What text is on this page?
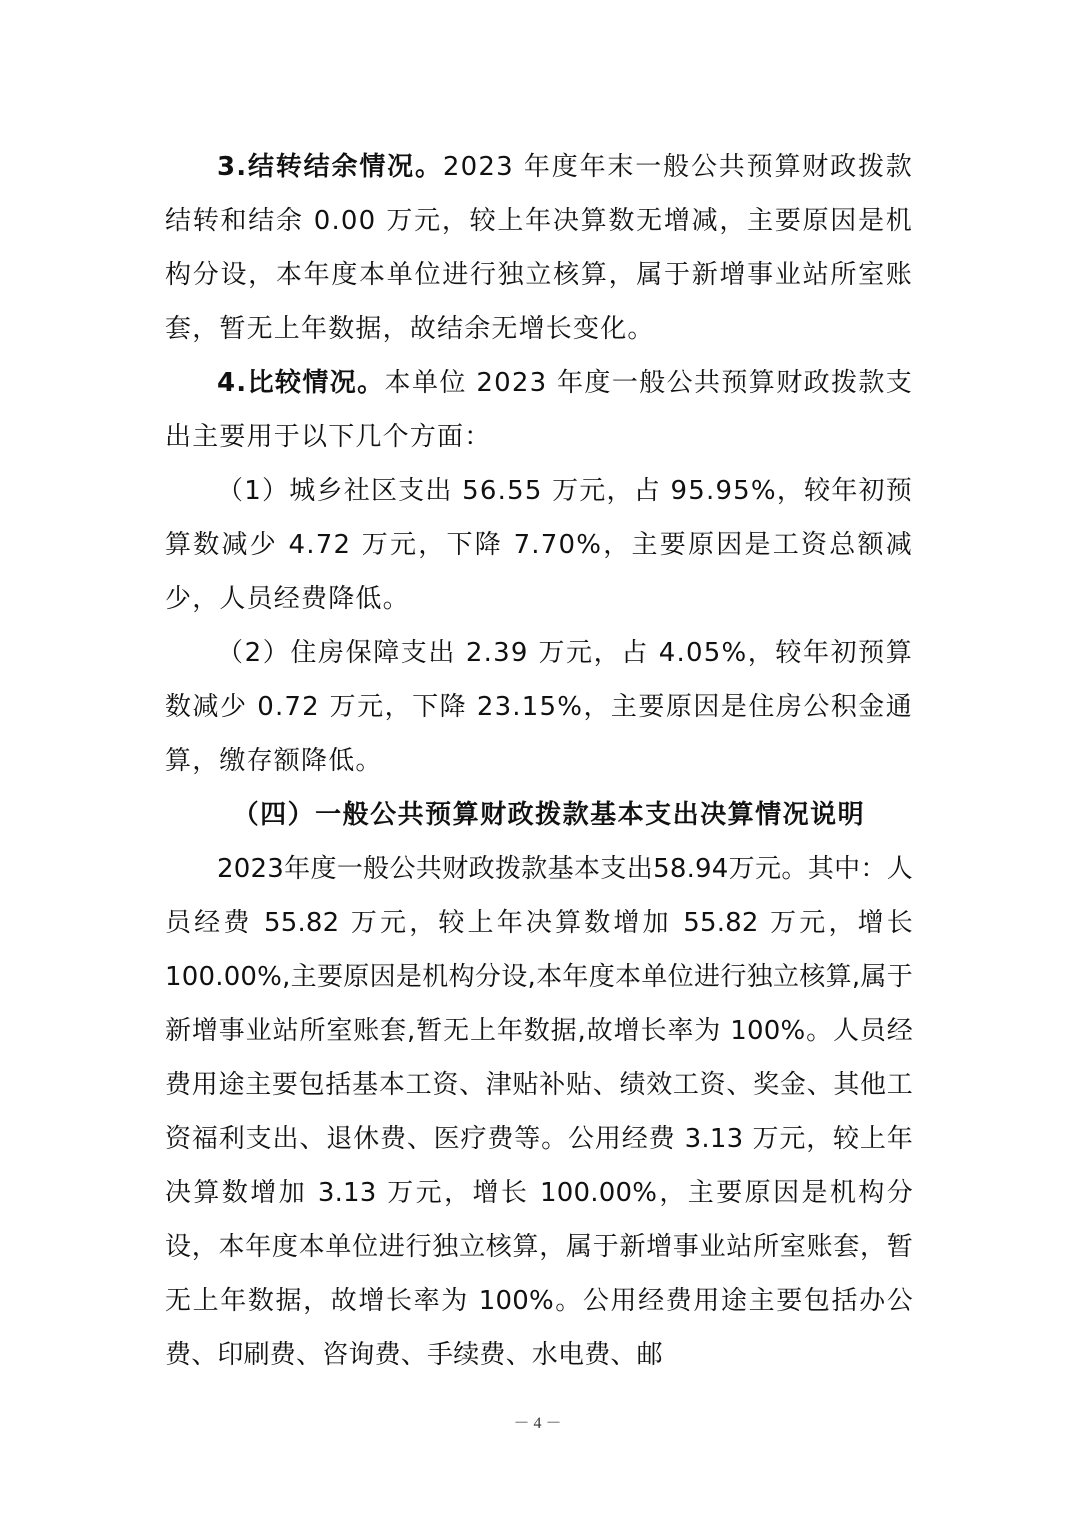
3.结转结余情况。2023 年度年末一般公共预算财政拨款结转和结余 0.00 万元，较上年决算数无增减，主要原因是机构分设，本年度本单位进行独立核算，属于新增事业站所室账套，暂无上年数据，故结余无增长变化。

4.比较情况。本单位 2023 年度一般公共预算财政拨款支出主要用于以下几个方面：

（1）城乡社区支出 56.55 万元，占 95.95%，较年初预算数减少 4.72 万元，下降 7.70%，主要原因是工资总额减少，人员经费降低。

（2）住房保障支出 2.39 万元，占 4.05%，较年初预算数减少 0.72 万元，下降 23.15%，主要原因是住房公积金通算，缴存额降低。

（四）一般公共预算财政拨款基本支出决算情况说明

2023年度一般公共财政拨款基本支出58.94万元。其中：人员经费 55.82 万元，较上年决算数增加 55.82 万元，增长 100.00%,主要原因是机构分设,本年度本单位进行独立核算,属于新增事业站所室账套,暂无上年数据,故增长率为 100%。人员经费用途主要包括基本工资、津贴补贴、绩效工资、奖金、其他工资福利支出、退休费、医疗费等。公用经费 3.13 万元，较上年决算数增加 3.13 万元，增长 100.00%，主要原因是机构分设，本年度本单位进行独立核算，属于新增事业站所室账套，暂无上年数据，故增长率为 100%。公用经费用途主要包括办公费、印刷费、咨询费、手续费、水电费、邮

－ 4 －
